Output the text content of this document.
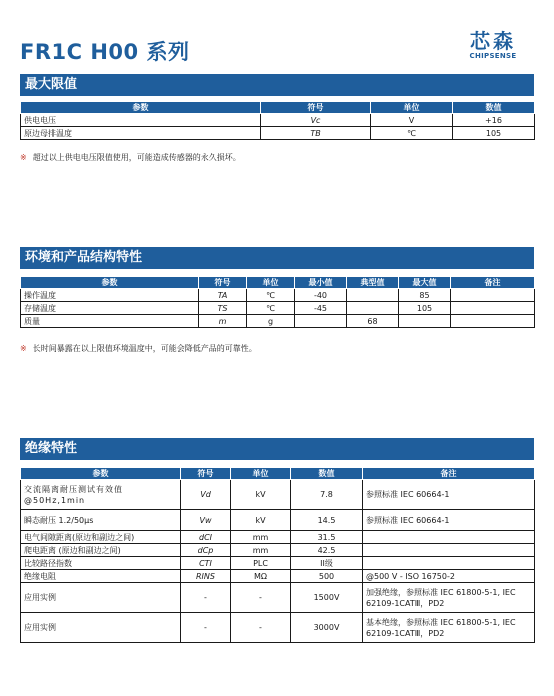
FR1C H00 系列	芯森
CHIPSENSE
最大限值
参数	符号	单位	数值
供电电压	Vc	V	+16
原边母排温度	TB	℃	105
※ 超过以上供电电压限值使用，可能造成传感器的永久损坏。
环境和产品结构特性
参数	符号	单位	最小值	典型值	最大值	备注
操作温度	TA	℃	-40		85	
存储温度	TS	℃	-45		105	
质量	m	g		68		
※ 长时间暴露在以上限值环境温度中，可能会降低产品的可靠性。
绝缘特性
参数	符号	单位	数值	备注
交流隔离耐压测试有效值@50Hz,1min	Vd	kV	7.8	参照标准 IEC 60664-1
瞬态耐压 1.2/50μs	Vw	kV	14.5	参照标准 IEC 60664-1
电气间隙距离(原边和副边之间)	dCI	mm	31.5	
爬电距离 (原边和副边之间)	dCp	mm	42.5	
比较路径指数	CTI	PLC	II级	
绝缘电阻	RINS	MΩ	500	@500 V - ISO 16750-2
应用实例	-	-	1500V	加强绝缘，参照标准 IEC 61800-5-1, IEC 62109-1CATⅢ，PD2
应用实例	-	-	3000V	基本绝缘，参照标准 IEC 61800-5-1, IEC 62109-1CATⅢ，PD2
